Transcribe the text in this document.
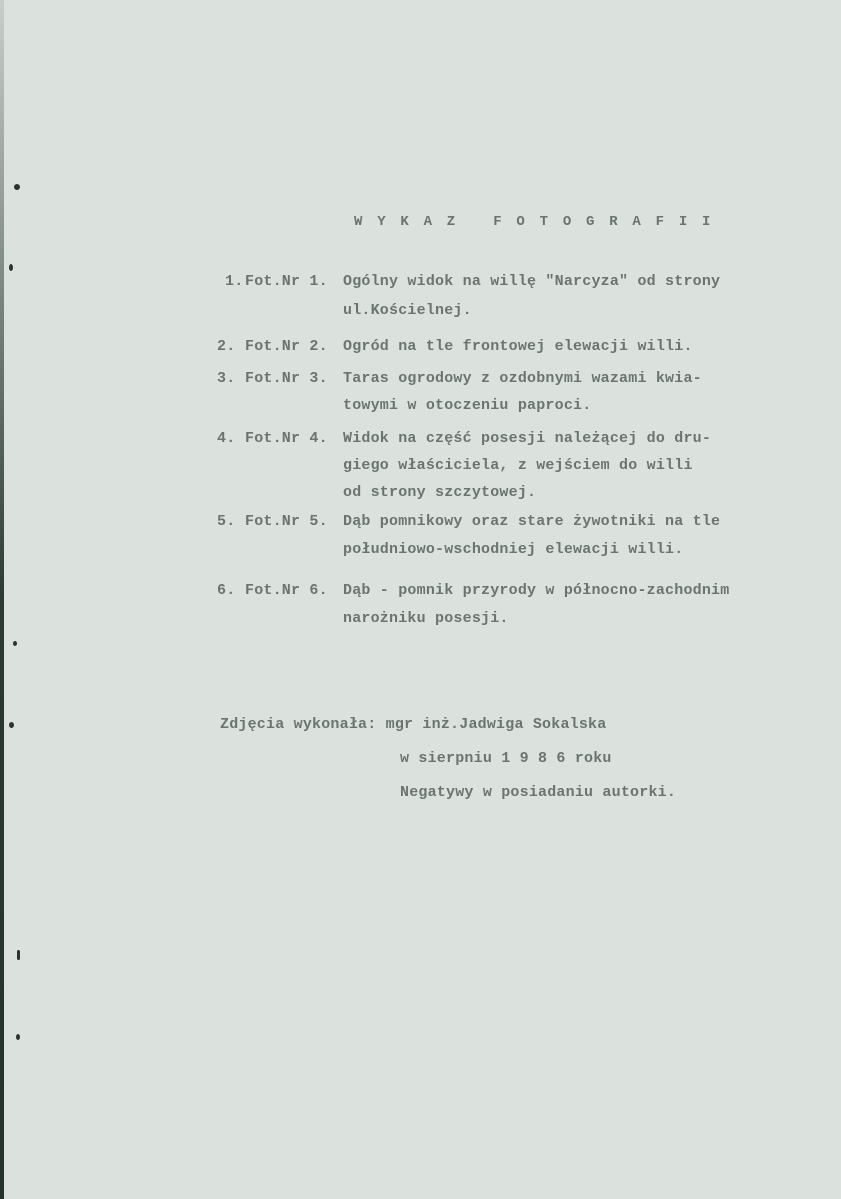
W Y K A Z   F O T O G R A F I I
1. Fot.Nr 1. Ogólny widok na willę "Narcyza" od strony
ul.Kościelnej.
2. Fot.Nr 2. Ogród na tle frontowej elewacji willi.
3. Fot.Nr 3. Taras ogrodowy z ozdobnymi wazami kwia-
towymi w otoczeniu paproci.
4. Fot.Nr 4. Widok na część posesji należącej do dru-
giego właściciela, z wejściem do willi
od strony szczytowej.
5. Fot.Nr 5. Dąb pomnikowy oraz stare żywotniki na tle
południowo-wschodniej elewacji willi.
6. Fot.Nr 6. Dąb - pomnik przyrody w północno-zachodnim
narożniku posesji.
Zdjęcia wykonała: mgr inż.Jadwiga Sokalska
w sierpniu 1 9 8 6 roku
Negatywy w posiadaniu autorki.
